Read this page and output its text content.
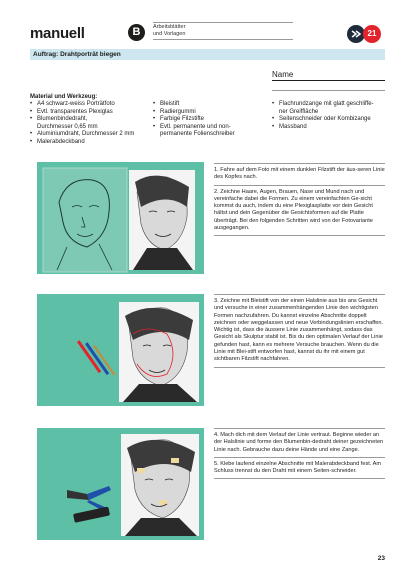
manuell	B	Arbeitsblätter
und Vorlagen	21
Auftrag: Drahtporträt biegen
Name
Material und Werkzeug:
• A4 schwarz-weiss Porträtfoto
• Evtl. transparentes Plexiglas
• Blumenbindedraht,
Durchmesser 0,65 mm
• Aluminiumdraht, Durchmesser 2 mm
• Malerabdeckband
• Bleistift
• Radiergummi
• Farbige Filzstifte
• Evtl. permanente und non-
permanente Folienschreiber
• Flachrundzange mit glatt geschliffe-
ner Greiffläche
• Seitenschneider oder Kombizange
• Massband

1. Fahre auf dem Foto mit einem dunklen Filzstift der äus-seren Linie des Kopfes nach.

2. Zeichne Haare, Augen, Brauen, Nase und Mund nach und vereinfache dabei die Formen. Zu einem vereinfachten Ge-sicht kommst du auch, indem du eine Plexiglasplatte vor dein Gesicht hältst und dein Gegenüber die Gesichtsformen auf die Platte überträgt. Bei den folgenden Schritten wird von der Fotovariante ausgegangen.

3. Zeichne mit Bleistift von der einen Halslinie aus bis ans Gesicht und versuche in einer zusammenhängenden Linie den wichtigsten Formen nachzufahren. Du kannst einzelne Abschnitte doppelt zeichnen oder weggelassen und neue Verbindungslinien erschaffen. Wichtig ist, dass die äussere Linie zusammenhängt, sodass das Gesicht als Skulptur stabil ist. Bis du den optimalen Verlauf der Linie gefunden hast, kann es mehrere Versuche brauchen. Wenn du die Linie mit Blei-stift entworfen hast, kannst du ihr mit einem gut sichtbaren Filzstift nachfahren.

4. Mach dich mit dem Verlauf der Linie vertraut. Beginne wieder an der Halslinie und forme den Blumenbin-dedraht deiner gezeichneten Linie nach. Gebrauche dazu deine Hände und eine Zange.

5. Klebe laufend einzelne Abschnitte mit Malerabdeckband fest. Am Schluss trennst du den Draht mit einem Seiten-schneider.

23
